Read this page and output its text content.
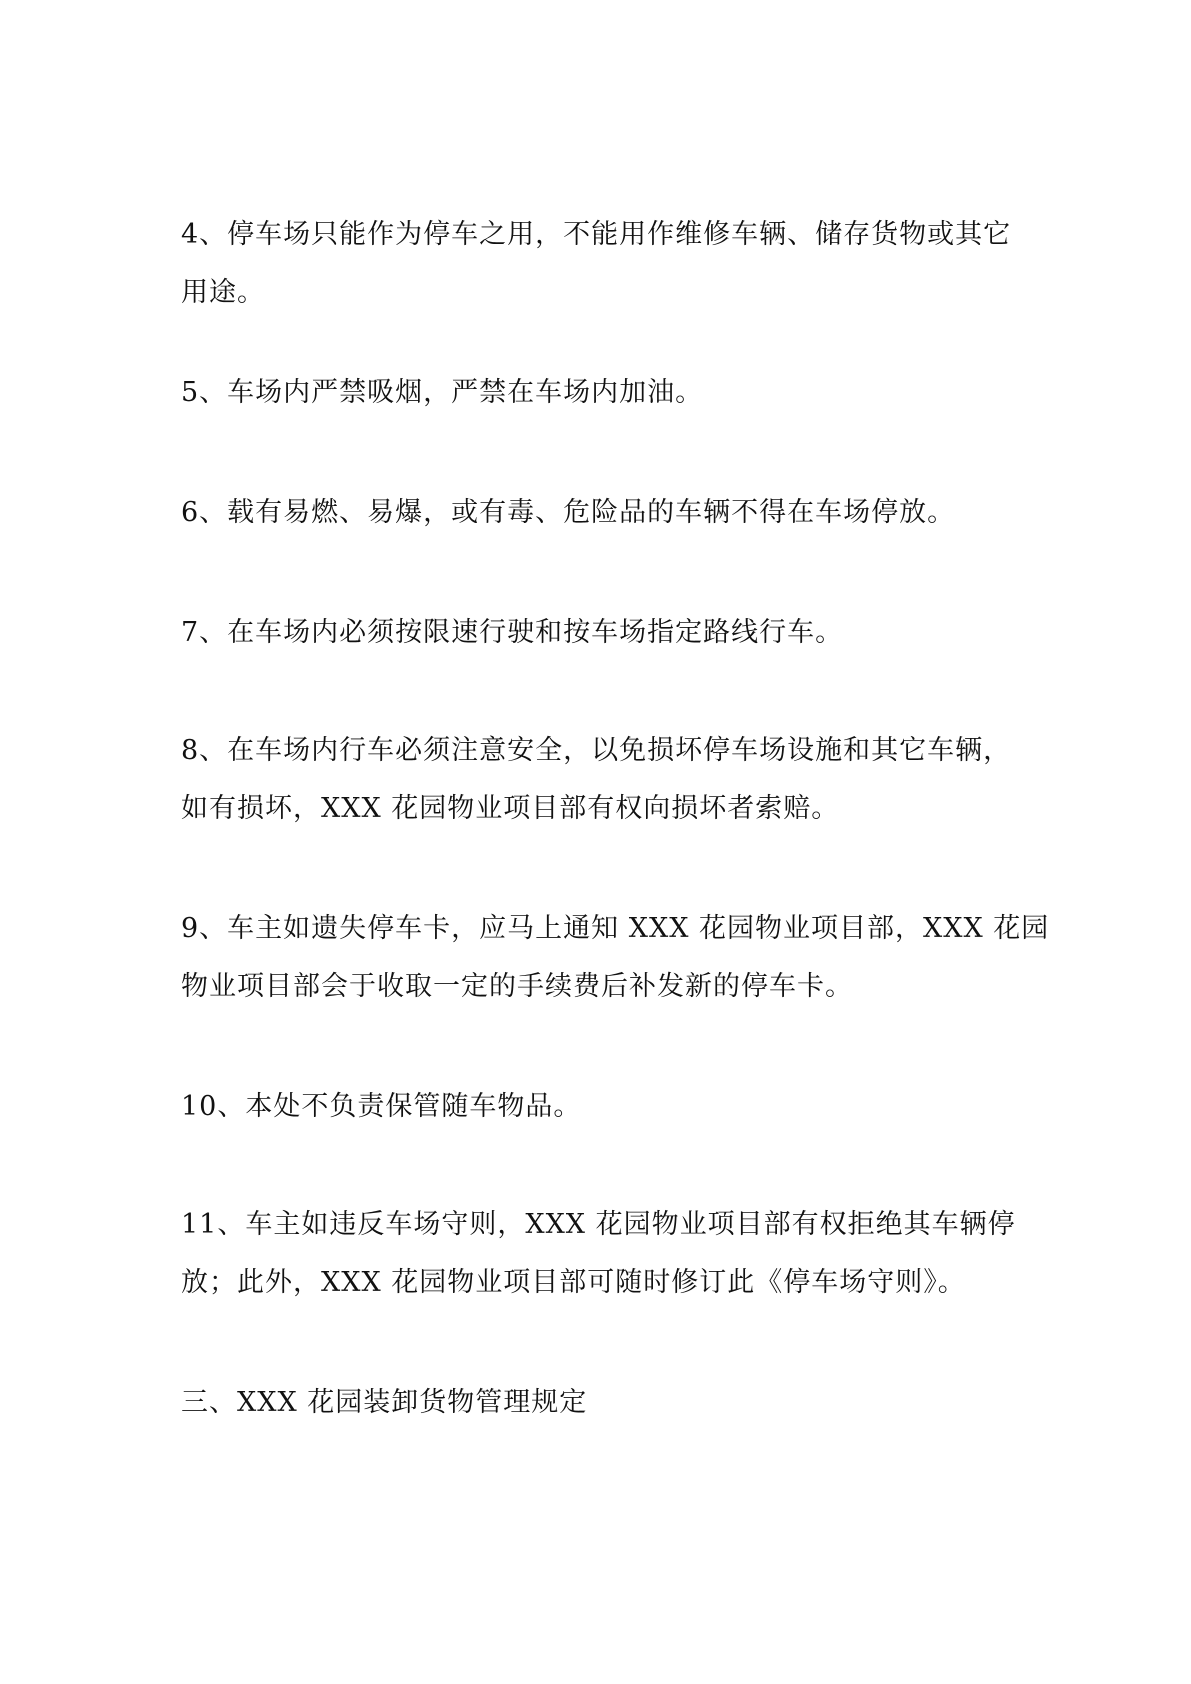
4、停车场只能作为停车之用，不能用作维修车辆、储存货物或其它
用途。
5、车场内严禁吸烟，严禁在车场内加油。
6、载有易燃、易爆，或有毒、危险品的车辆不得在车场停放。
7、在车场内必须按限速行驶和按车场指定路线行车。
8、在车场内行车必须注意安全，以免损坏停车场设施和其它车辆，
如有损坏，XXX 花园物业项目部有权向损坏者索赔。
9、车主如遗失停车卡，应马上通知 XXX 花园物业项目部，XXX 花园
物业项目部会于收取一定的手续费后补发新的停车卡。
10、本处不负责保管随车物品。
11、车主如违反车场守则，XXX 花园物业项目部有权拒绝其车辆停
放；此外，XXX 花园物业项目部可随时修订此《停车场守则》。
三、XXX 花园装卸货物管理规定
